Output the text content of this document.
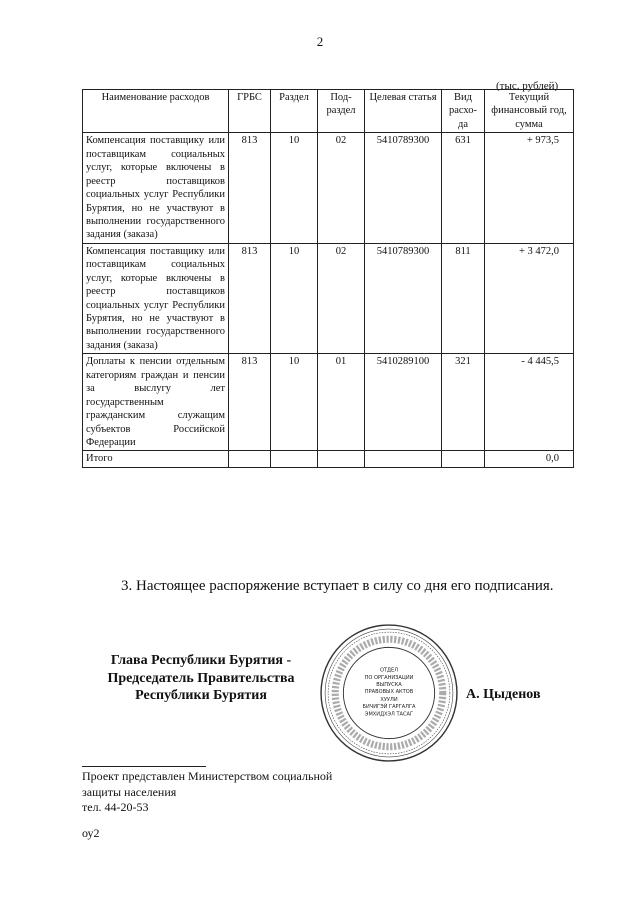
2
(тыс. рублей)
Наименование расходов	ГРБС	Раздел	Под-раздел	Целевая статья	Вид расхо-да	Текущий финансовый год, сумма
Компенсация поставщику или поставщикам социальных услуг, которые включены в реестр поставщиков социальных услуг Республики Бурятия, но не участвуют в выполнении государственного задания (заказа)	813	10	02	5410789300	631	+ 973,5
Компенсация поставщику или поставщикам социальных услуг, которые включены в реестр поставщиков социальных услуг Республики Бурятия, но не участвуют в выполнении государственного задания (заказа)	813	10	02	5410789300	811	+ 3 472,0
Доплаты к пенсии отдельным категориям граждан и пенсии за выслугу лет государственным гражданским служащим субъектов Российской Федерации	813	10	01	5410289100	321	- 4 445,5
Итого						0,0
3. Настоящее распоряжение вступает в силу со дня его подписания.
Глава Республики Бурятия -
Председатель Правительства
Республики Бурятия
ОТДЕЛ
ПО ОРГАНИЗАЦИИ
ВЫПУСКА
ПРАВОВЫХ АКТОВ
ХУУЛИ
БИЧИГЭЙ ГАРГАЛГА
ЭМХИДХЭЛ ТАСАГ
А. Цыденов
Проект представлен Министерством социальной
защиты населения
тел. 44-20-53
оу2
